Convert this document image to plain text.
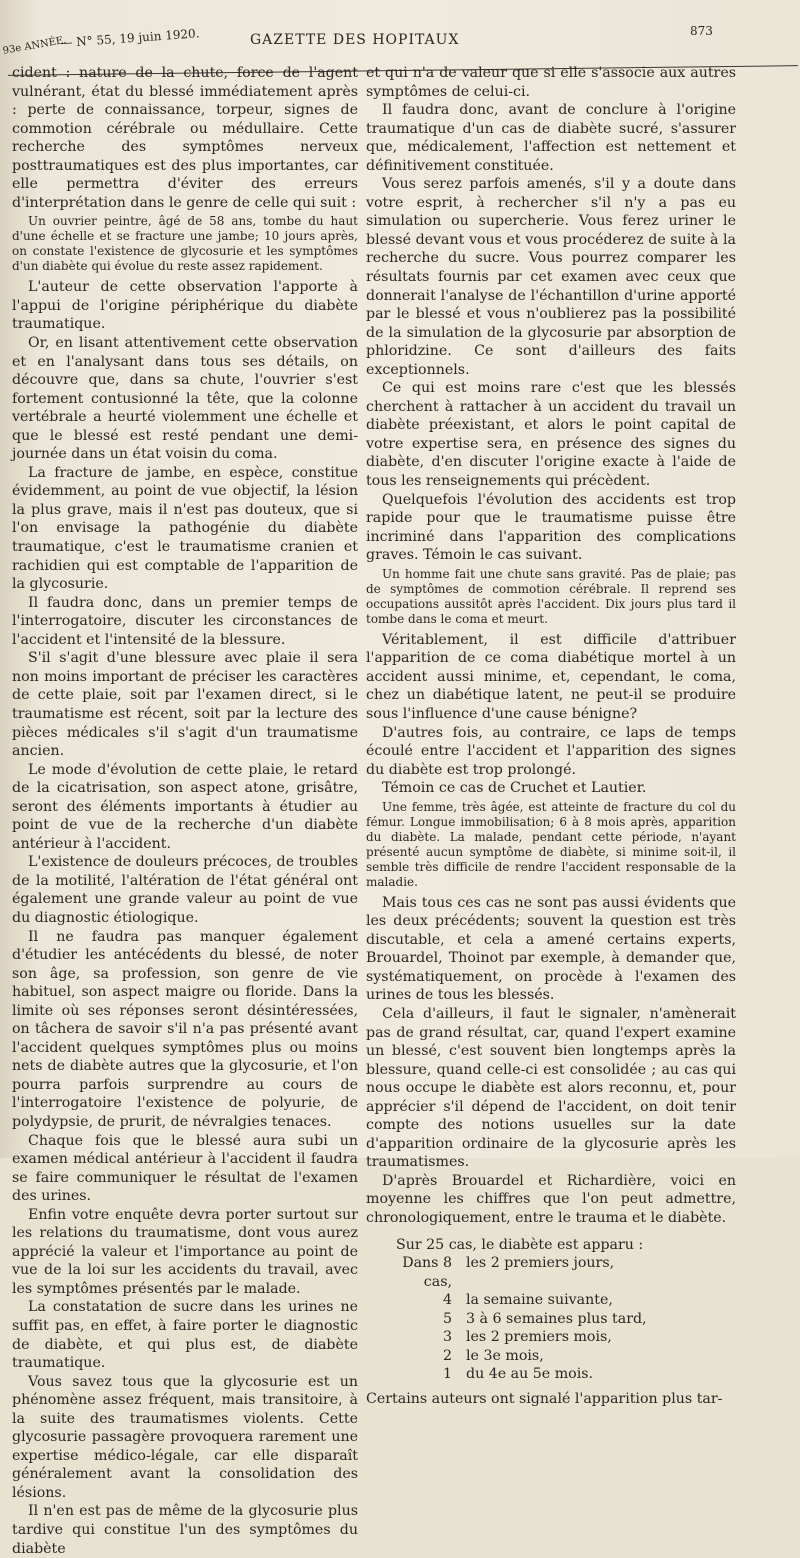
93e ANNÉE.
— N° 55, 19 juin 1920.	GAZETTE DES HOPITAUX
873

cident : nature de la chute, force de l'agent vulnérant, état du blessé immédiatement après : perte de connaissance, torpeur, signes de commotion cérébrale ou médullaire. Cette recherche des symptômes nerveux posttraumatiques est des plus importantes, car elle permettra d'éviter des erreurs d'interprétation dans le genre de celle qui suit :

Un ouvrier peintre, âgé de 58 ans, tombe du haut d'une échelle et se fracture une jambe; 10 jours après, on constate l'existence de glycosurie et les symptômes d'un diabète qui évolue du reste assez rapidement.

L'auteur de cette observation l'apporte à l'appui de l'origine périphérique du diabète traumatique.

Or, en lisant attentivement cette observation et en l'analysant dans tous ses détails, on découvre que, dans sa chute, l'ouvrier s'est fortement contusionné la tête, que la colonne vertébrale a heurté violemment une échelle et que le blessé est resté pendant une demi-journée dans un état voisin du coma.

La fracture de jambe, en espèce, constitue évidemment, au point de vue objectif, la lésion la plus grave, mais il n'est pas douteux, que si l'on envisage la pathogénie du diabète traumatique, c'est le traumatisme cranien et rachidien qui est comptable de l'apparition de la glycosurie.

Il faudra donc, dans un premier temps de l'interrogatoire, discuter les circonstances de l'accident et l'intensité de la blessure.

S'il s'agit d'une blessure avec plaie il sera non moins important de préciser les caractères de cette plaie, soit par l'examen direct, si le traumatisme est récent, soit par la lecture des pièces médicales s'il s'agit d'un traumatisme ancien.

Le mode d'évolution de cette plaie, le retard de la cicatrisation, son aspect atone, grisâtre, seront des éléments importants à étudier au point de vue de la recherche d'un diabète antérieur à l'accident.

L'existence de douleurs précoces, de troubles de la motilité, l'altération de l'état général ont également une grande valeur au point de vue du diagnostic étiologique.

Il ne faudra pas manquer également d'étudier les antécédents du blessé, de noter son âge, sa profession, son genre de vie habituel, son aspect maigre ou floride. Dans la limite où ses réponses seront désintéressées, on tâchera de savoir s'il n'a pas présenté avant l'accident quelques symptômes plus ou moins nets de diabète autres que la glycosurie, et l'on pourra parfois surprendre au cours de l'interrogatoire l'existence de polyurie, de polydypsie, de prurit, de névralgies tenaces.

Chaque fois que le blessé aura subi un examen médical antérieur à l'accident il faudra se faire communiquer le résultat de l'examen des urines.

Enfin votre enquête devra porter surtout sur les relations du traumatisme, dont vous aurez apprécié la valeur et l'importance au point de vue de la loi sur les accidents du travail, avec les symptômes présentés par le malade.

La constatation de sucre dans les urines ne suffit pas, en effet, à faire porter le diagnostic de diabète, et qui plus est, de diabète traumatique.

Vous savez tous que la glycosurie est un phénomène assez fréquent, mais transitoire, à la suite des traumatismes violents. Cette glycosurie passagère provoquera rarement une expertise médico-légale, car elle disparaît généralement avant la consolidation des lésions.

Il n'en est pas de même de la glycosurie plus tardive qui constitue l'un des symptômes du diabète

et qui n'a de valeur que si elle s'associe aux autres symptômes de celui-ci.

Il faudra donc, avant de conclure à l'origine traumatique d'un cas de diabète sucré, s'assurer que, médicalement, l'affection est nettement et définitivement constituée.

Vous serez parfois amenés, s'il y a doute dans votre esprit, à rechercher s'il n'y a pas eu simulation ou supercherie. Vous ferez uriner le blessé devant vous et vous procéderez de suite à la recherche du sucre. Vous pourrez comparer les résultats fournis par cet examen avec ceux que donnerait l'analyse de l'échantillon d'urine apporté par le blessé et vous n'oublierez pas la possibilité de la simulation de la glycosurie par absorption de phloridzine. Ce sont d'ailleurs des faits exceptionnels.

Ce qui est moins rare c'est que les blessés cherchent à rattacher à un accident du travail un diabète préexistant, et alors le point capital de votre expertise sera, en présence des signes du diabète, d'en discuter l'origine exacte à l'aide de tous les renseignements qui précèdent.

Quelquefois l'évolution des accidents est trop rapide pour que le traumatisme puisse être incriminé dans l'apparition des complications graves. Témoin le cas suivant.

Un homme fait une chute sans gravité. Pas de plaie; pas de symptômes de commotion cérébrale. Il reprend ses occupations aussitôt après l'accident. Dix jours plus tard il tombe dans le coma et meurt.

Véritablement, il est difficile d'attribuer l'apparition de ce coma diabétique mortel à un accident aussi minime, et, cependant, le coma, chez un diabétique latent, ne peut-il se produire sous l'influence d'une cause bénigne?

D'autres fois, au contraire, ce laps de temps écoulé entre l'accident et l'apparition des signes du diabète est trop prolongé.

Témoin ce cas de Cruchet et Lautier.

Une femme, très âgée, est atteinte de fracture du col du fémur. Longue immobilisation; 6 à 8 mois après, apparition du diabète. La malade, pendant cette période, n'ayant présenté aucun symptôme de diabète, si minime soit-il, il semble très difficile de rendre l'accident responsable de la maladie.

Mais tous ces cas ne sont pas aussi évidents que les deux précédents; souvent la question est très discutable, et cela a amené certains experts, Brouardel, Thoinot par exemple, à demander que, systématiquement, on procède à l'examen des urines de tous les blessés.

Cela d'ailleurs, il faut le signaler, n'amènerait pas de grand résultat, car, quand l'expert examine un blessé, c'est souvent bien longtemps après la blessure, quand celle-ci est consolidée ; au cas qui nous occupe le diabète est alors reconnu, et, pour apprécier s'il dépend de l'accident, on doit tenir compte des notions usuelles sur la date d'apparition ordinaire de la glycosurie après les traumatismes.

D'après Brouardel et Richardière, voici en moyenne les chiffres que l'on peut admettre, chronologiquement, entre le trauma et le diabète.

Sur 25 cas, le diabète est apparu :

Dans 8 cas,
les 2 premiers jours,
4 la semaine suivante,
5 3 à 6 semaines plus tard,
3 les 2 premiers mois,
2 le 3e mois,
1 du 4e au 5e mois.

Certains auteurs ont signalé l'apparition plus tar-
